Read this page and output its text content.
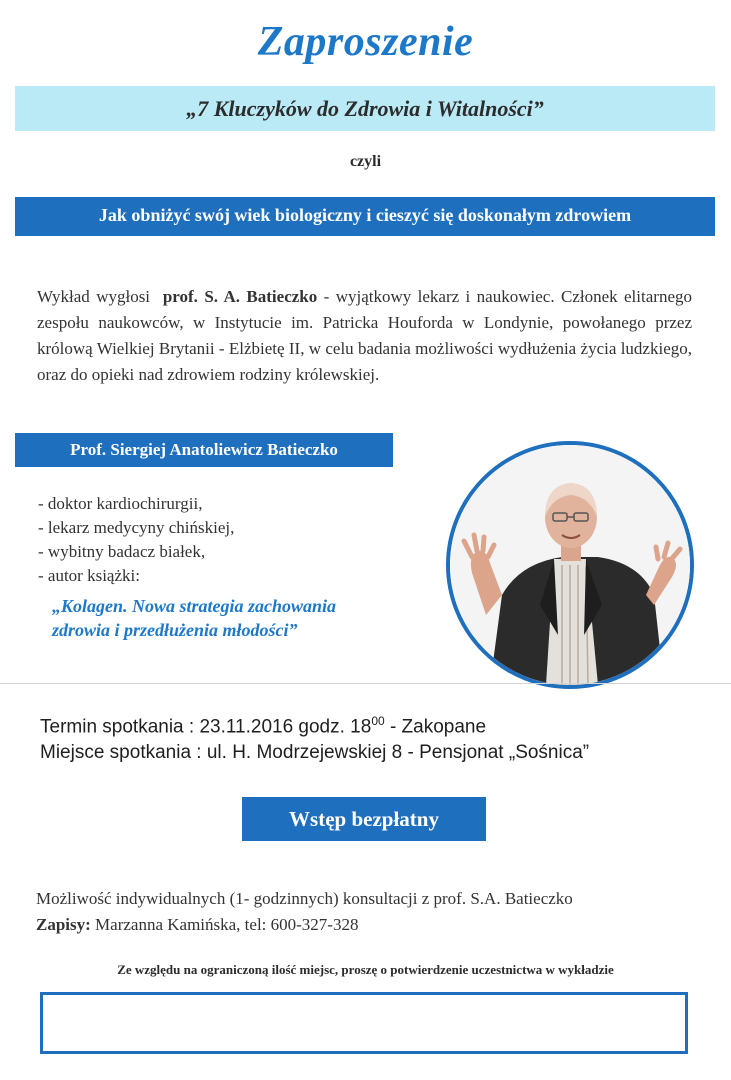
Zaproszenie
„7 Kluczyków do Zdrowia i Witalności”
czyli
Jak obniżyć swój wiek biologiczny i cieszyć się doskonałym zdrowiem
Wykład wygłosi prof. S. A. Batieczko - wyjątkowy lekarz i naukowiec. Członek elitarnego zespołu naukowców, w Instytucie im. Patricka Houforda w Londynie, powołanego przez królową Wielkiej Brytanii - Elżbietę II, w celu badania możliwości wydłużenia życia ludzkiego, oraz do opieki nad zdrowiem rodziny królewskiej.
Prof. Siergiej Anatoliewicz Batieczko
- doktor kardiochirurgii,
- lekarz medycyny chińskiej,
- wybitny badacz białek,
- autor książki:
„Kolagen. Nowa strategia zachowania
zdrowia i przedłużenia młodości”
Termin spotkania : 23.11.2016 godz. $18^{00}$ - Zakopane
Miejsce spotkania : ul. H. Modrzejewskiej 8 - Pensjonat „Sośnica”
Wstęp bezpłatny
Możliwość indywidualnych (1- godzinnych) konsultacji z prof. S.A. Batieczko
Zapisy: Marzanna Kamińska, tel: 600-327-328
Ze względu na ograniczoną ilość miejsc, proszę o potwierdzenie uczestnictwa w wykładzie
